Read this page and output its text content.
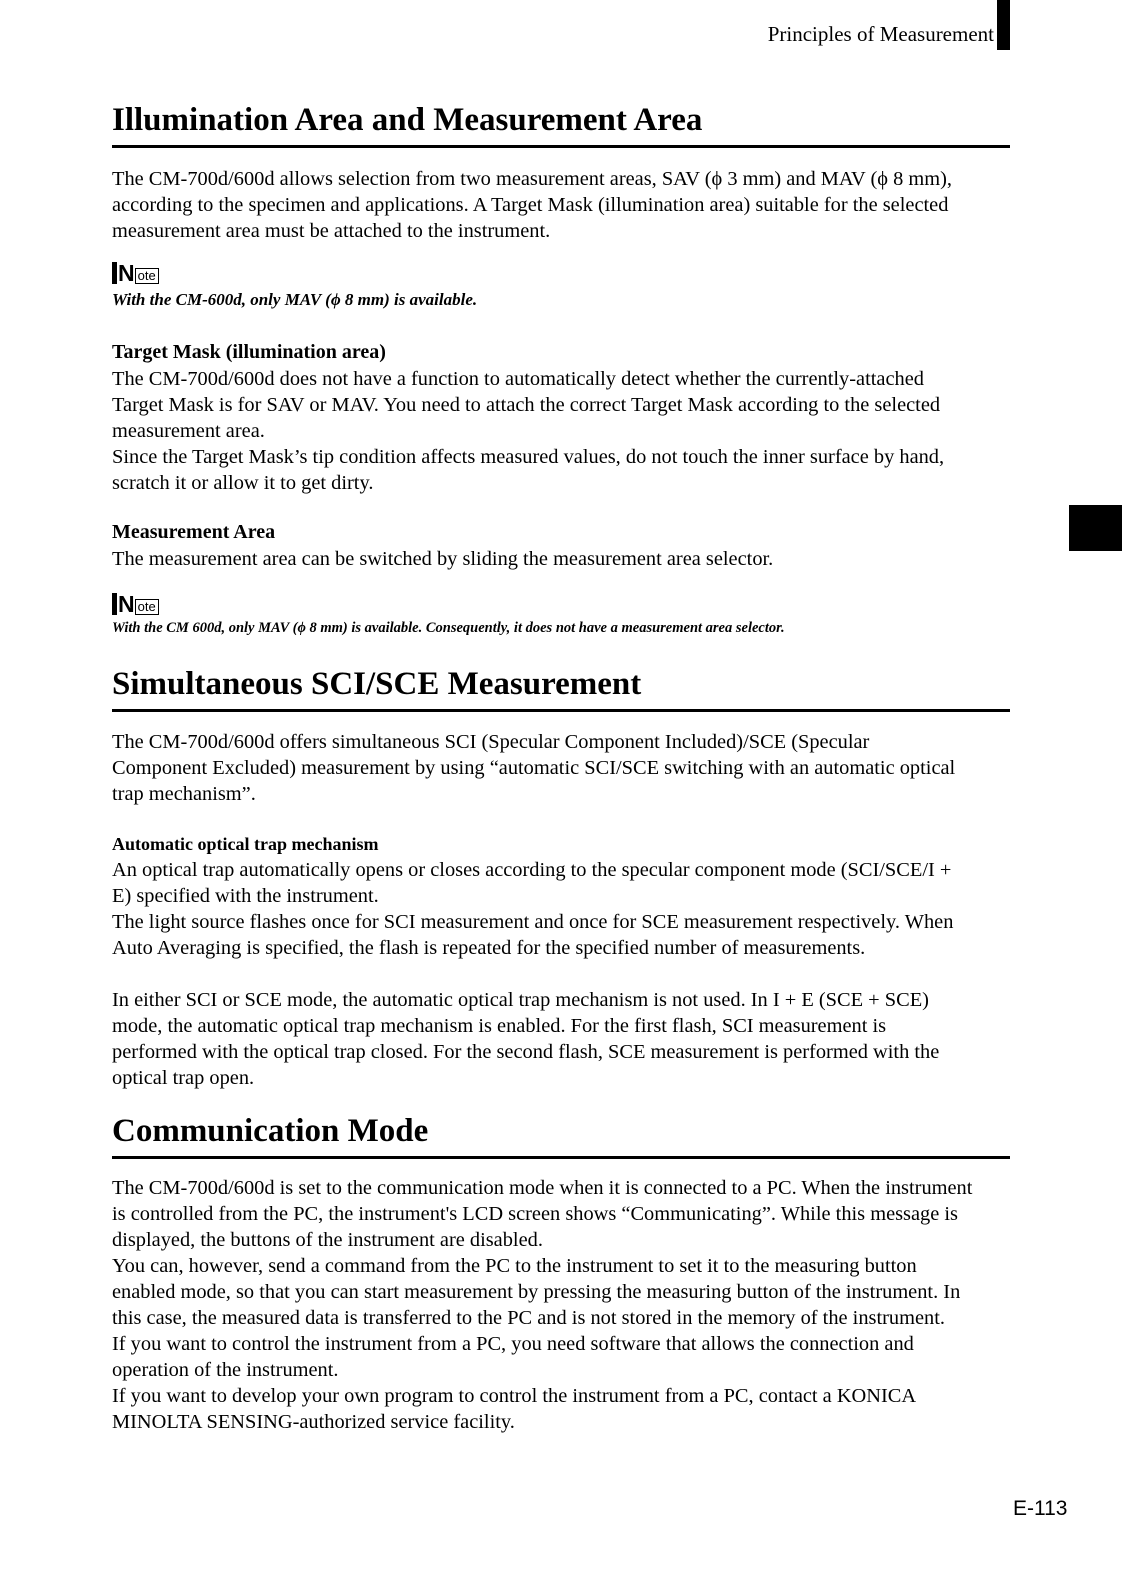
Principles of Measurement
Illumination Area and Measurement Area
The CM-700d/600d allows selection from two measurement areas, SAV (ϕ 3 mm) and MAV (ϕ 8 mm),
according to the specimen and applications. A Target Mask (illumination area) suitable for the selected
measurement area must be attached to the instrument.
N ote
With the CM-600d, only MAV (ϕ 8 mm) is available.
Target Mask (illumination area)
The CM-700d/600d does not have a function to automatically detect whether the currently-attached
Target Mask is for SAV or MAV. You need to attach the correct Target Mask according to the selected
measurement area.
Since the Target Mask’s tip condition affects measured values, do not touch the inner surface by hand,
scratch it or allow it to get dirty.
Measurement Area
The measurement area can be switched by sliding the measurement area selector.
N ote
With the CM 600d, only MAV (ϕ 8 mm) is available. Consequently, it does not have a measurement area selector.
Simultaneous SCI/SCE Measurement
The CM-700d/600d offers simultaneous SCI (Specular Component Included)/SCE (Specular
Component Excluded) measurement by using “automatic SCI/SCE switching with an automatic optical
trap mechanism”.
Automatic optical trap mechanism
An optical trap automatically opens or closes according to the specular component mode (SCI/SCE/I +
E) specified with the instrument.
The light source flashes once for SCI measurement and once for SCE measurement respectively. When
Auto Averaging is specified, the flash is repeated for the specified number of measurements.
In either SCI or SCE mode, the automatic optical trap mechanism is not used. In I + E (SCE + SCE)
mode, the automatic optical trap mechanism is enabled. For the first flash, SCI measurement is
performed with the optical trap closed. For the second flash, SCE measurement is performed with the
optical trap open.
Communication Mode
The CM-700d/600d is set to the communication mode when it is connected to a PC. When the instrument
is controlled from the PC, the instrument's LCD screen shows “Communicating”. While this message is
displayed, the buttons of the instrument are disabled.
You can, however, send a command from the PC to the instrument to set it to the measuring button
enabled mode, so that you can start measurement by pressing the measuring button of the instrument. In
this case, the measured data is transferred to the PC and is not stored in the memory of the instrument.
If you want to control the instrument from a PC, you need software that allows the connection and
operation of the instrument.
If you want to develop your own program to control the instrument from a PC, contact a KONICA
MINOLTA SENSING-authorized service facility.
E-113
